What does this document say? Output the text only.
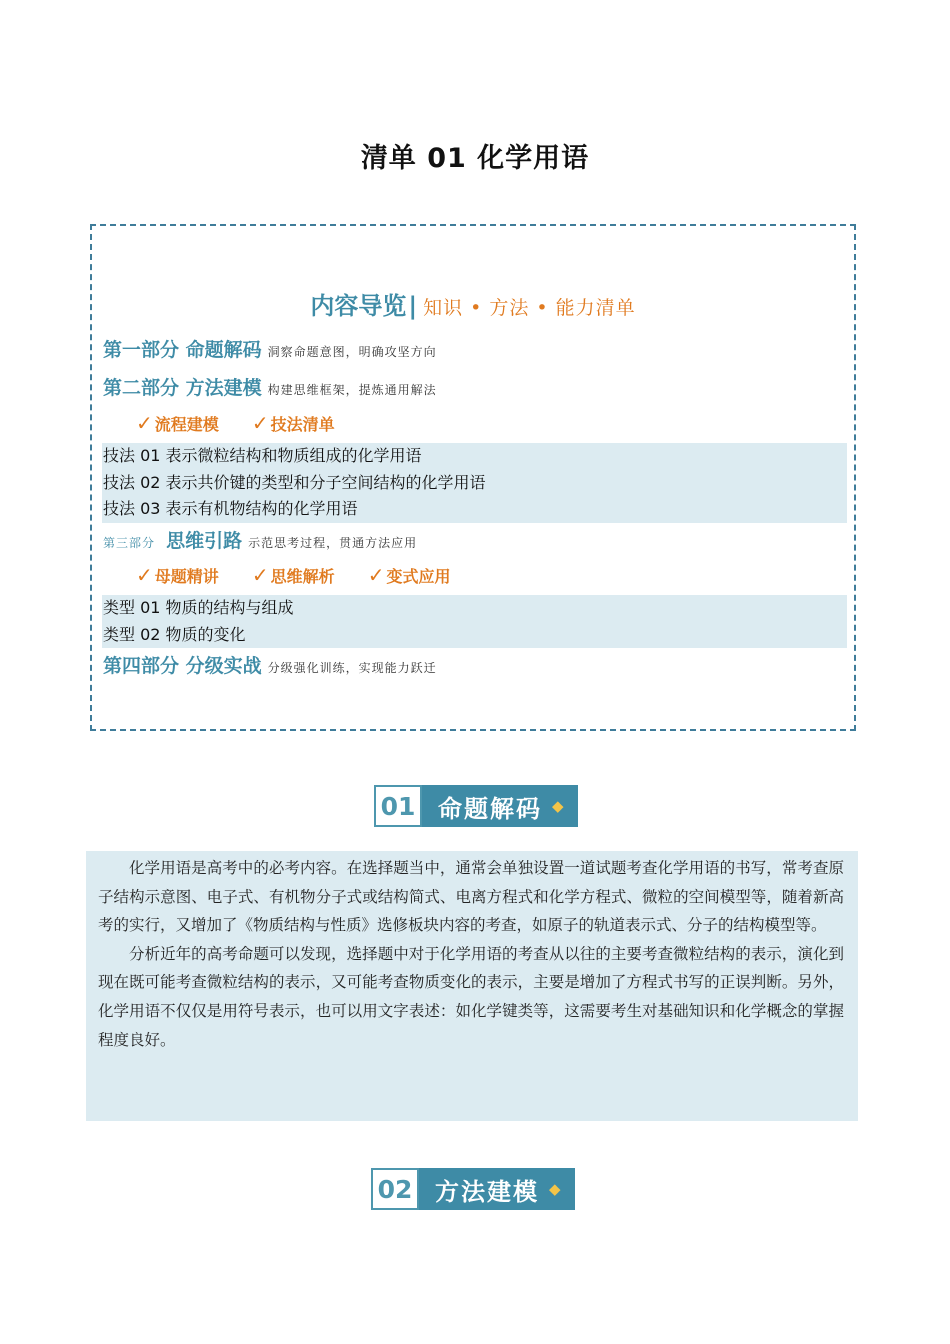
清单 01 化学用语
内容导览| 知识 • 方法 • 能力清单
第一部分 命题解码 洞察命题意图，明确攻坚方向
第二部分 方法建模 构建思维框架，提炼通用解法
✓ 流程建模 ✓ 技法清单
技法 01 表示微粒结构和物质组成的化学用语
技法 02 表示共价键的类型和分子空间结构的化学用语
技法 03 表示有机物结构的化学用语
第三部分 思维引路 示范思考过程，贯通方法应用
✓ 母题精讲 ✓ 思维解析 ✓ 变式应用
类型 01 物质的结构与组成
类型 02 物质的变化
第四部分 分级实战 分级强化训练，实现能力跃迁
01 命题解码 ◆

化学用语是高考中的必考内容。在选择题当中，通常会单独设置一道试题考查化学用语的书写，常考查原子结构示意图、电子式、有机物分子式或结构简式、电离方程式和化学方程式、微粒的空间模型等，随着新高考的实行，又增加了《物质结构与性质》选修板块内容的考查，如原子的轨道表示式、分子的结构模型等。

分析近年的高考命题可以发现，选择题中对于化学用语的考查从以往的主要考查微粒结构的表示，演化到现在既可能考查微粒结构的表示，又可能考查物质变化的表示，主要是增加了方程式书写的正误判断。另外，化学用语不仅仅是用符号表示，也可以用文字表述：如化学键类等，这需要考生对基础知识和化学概念的掌握程度良好。

02 方法建模 ◆
